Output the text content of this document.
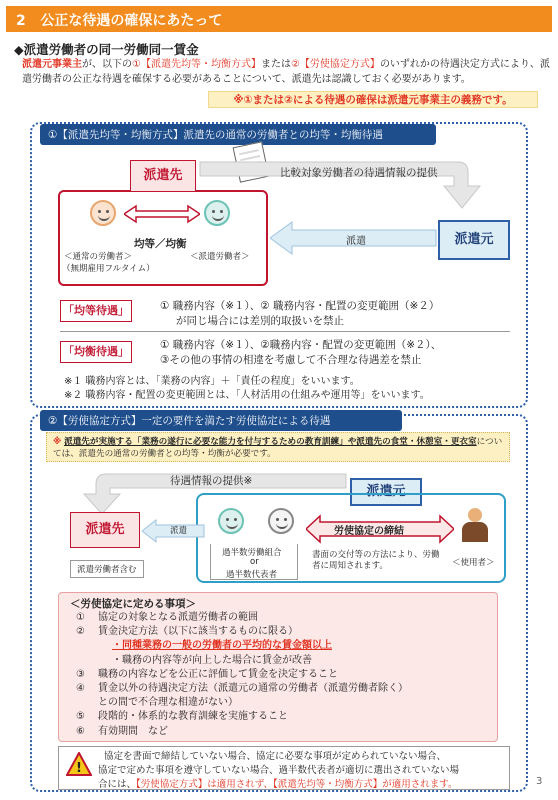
2 公正な待遇の確保にあたって
◆派遣労働者の同一労働同一賃金
派遣元事業主が、以下の①【派遣先均等・均衡方式】または②【労使協定方式】のいずれかの待遇決定方式により、派遣労働者の公正な待遇を確保する必要があることについて、派遣先は認識しておく必要があります。
※①または②による待遇の確保は派遣元事業主の義務です。
①【派遣先均等・均衡方式】派遣先の通常の労働者との均等・均衡待遇
派遣先	比較対象労働者の待遇情報の提供
派遣元
派遣
均等／均衡
＜通常の労働者＞
（無期雇用フルタイム）
＜派遣労働者＞
「均等待遇」	① 職務内容（※１）、② 職務内容・配置の変更範囲（※２）
が同じ場合には差別的取扱いを禁止
「均衡待遇」	① 職務内容（※１）、②職務内容・配置の変更範囲（※２）、
③その他の事情の相違を考慮して不合理な待遇差を禁止
※１ 職務内容とは、「業務の内容」＋「責任の程度」をいいます。
※２ 職務内容・配置の変更範囲とは、「人材活用の仕組みや運用等」をいいます。
②【労使協定方式】一定の要件を満たす労使協定による待遇
※ 派遣先が実施する「業務の遂行に必要な能力を付与するための教育訓練」や派遣先の食堂・休憩室・更衣室については、派遣先の通常の労働者との均等・均衡が必要です。
待遇情報の提供※
派遣元
派遣先
派遣労働者含む
派遣
過半数労働組合
or
過半数代表者
労使協定の締結
書面の交付等の方法により、労働者に周知されます。	＜使用者＞
＜労使協定に定める事項＞
① 協定の対象となる派遣労働者の範囲
② 賃金決定方法（以下に該当するものに限る）
・同種業務の一般の労働者の平均的な賃金額以上
・職務の内容等が向上した場合に賃金が改善
③ 職務の内容などを公正に評価して賃金を決定すること
④ 賃金以外の待遇決定方法（派遣元の通常の労働者（派遣労働者除く）
との間で不合理な相違がない）
⑤ 段階的・体系的な教育訓練を実施すること
⑥ 有効期間　など
!
協定を書面で締結していない場合、協定に必要な事項が定められていない場合、
協定で定めた事項を遵守していない場合、過半数代表者が適切に選出されていない場
合には、【労使協定方式】は適用されず、【派遣先均等・均衡方式】が適用されます。	3
